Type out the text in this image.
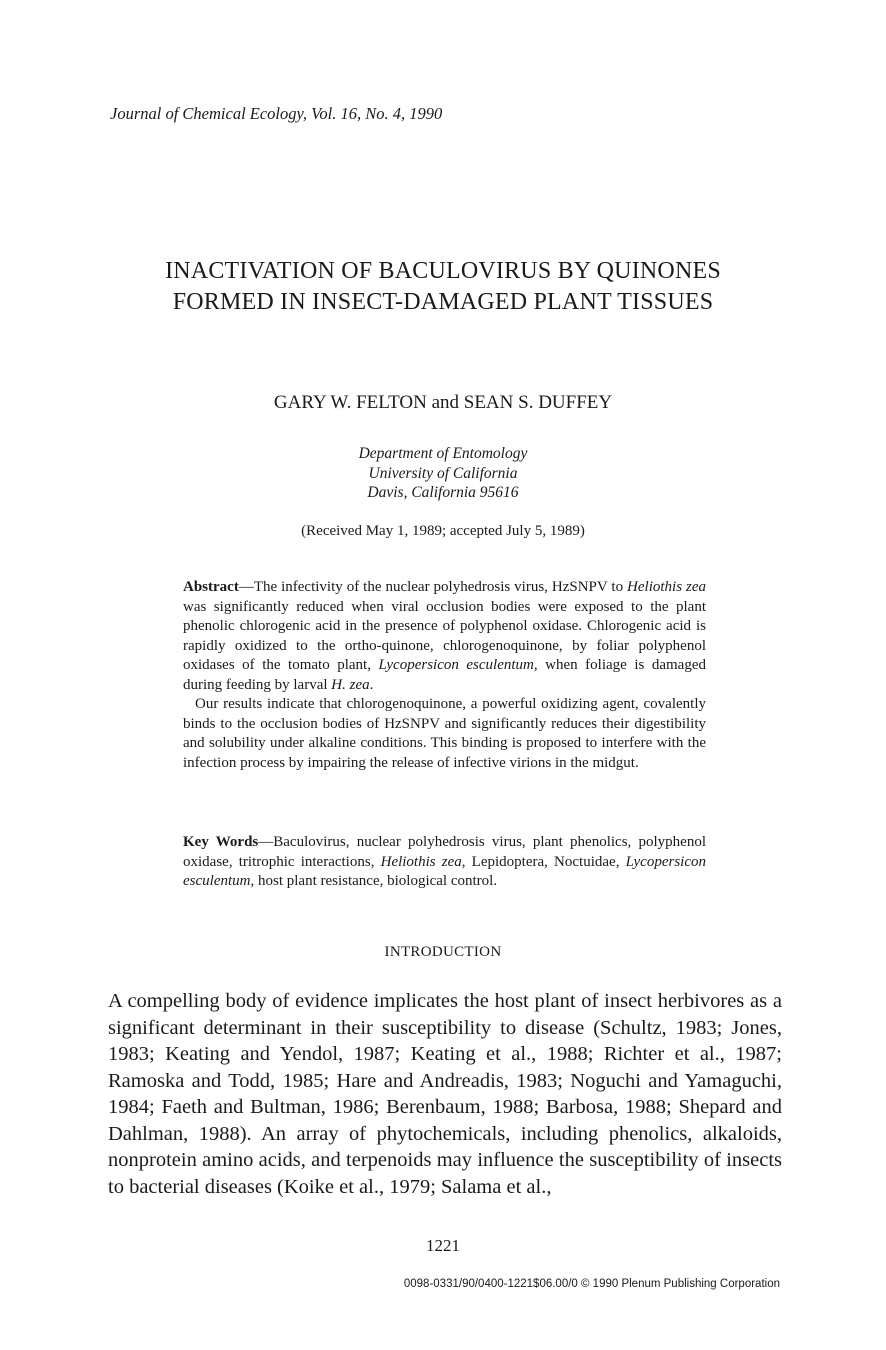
Journal of Chemical Ecology, Vol. 16, No. 4, 1990
INACTIVATION OF BACULOVIRUS BY QUINONES
FORMED IN INSECT-DAMAGED PLANT TISSUES
GARY W. FELTON and SEAN S. DUFFEY
Department of Entomology
University of California
Davis, California 95616
(Received May 1, 1989; accepted July 5, 1989)

Abstract—The infectivity of the nuclear polyhedrosis virus, HzSNPV to Heliothis zea was significantly reduced when viral occlusion bodies were exposed to the plant phenolic chlorogenic acid in the presence of polyphenol oxidase. Chlorogenic acid is rapidly oxidized to the ortho-quinone, chlorogenoquinone, by foliar polyphenol oxidases of the tomato plant, Lycopersicon esculentum, when foliage is damaged during feeding by larval H. zea.

Our results indicate that chlorogenoquinone, a powerful oxidizing agent, covalently binds to the occlusion bodies of HzSNPV and significantly reduces their digestibility and solubility under alkaline conditions. This binding is proposed to interfere with the infection process by impairing the release of infective virions in the midgut.

Key Words—Baculovirus, nuclear polyhedrosis virus, plant phenolics, polyphenol oxidase, tritrophic interactions, Heliothis zea, Lepidoptera, Noctuidae, Lycopersicon esculentum, host plant resistance, biological control.

INTRODUCTION

A compelling body of evidence implicates the host plant of insect herbivores as a significant determinant in their susceptibility to disease (Schultz, 1983; Jones, 1983; Keating and Yendol, 1987; Keating et al., 1988; Richter et al., 1987; Ramoska and Todd, 1985; Hare and Andreadis, 1983; Noguchi and Yamaguchi, 1984; Faeth and Bultman, 1986; Berenbaum, 1988; Barbosa, 1988; Shepard and Dahlman, 1988). An array of phytochemicals, including phenolics, alkaloids, nonprotein amino acids, and terpenoids may influence the susceptibility of insects to bacterial diseases (Koike et al., 1979; Salama et al.,

1221
0098-0331/90/0400-1221$06.00/0 © 1990 Plenum Publishing Corporation
